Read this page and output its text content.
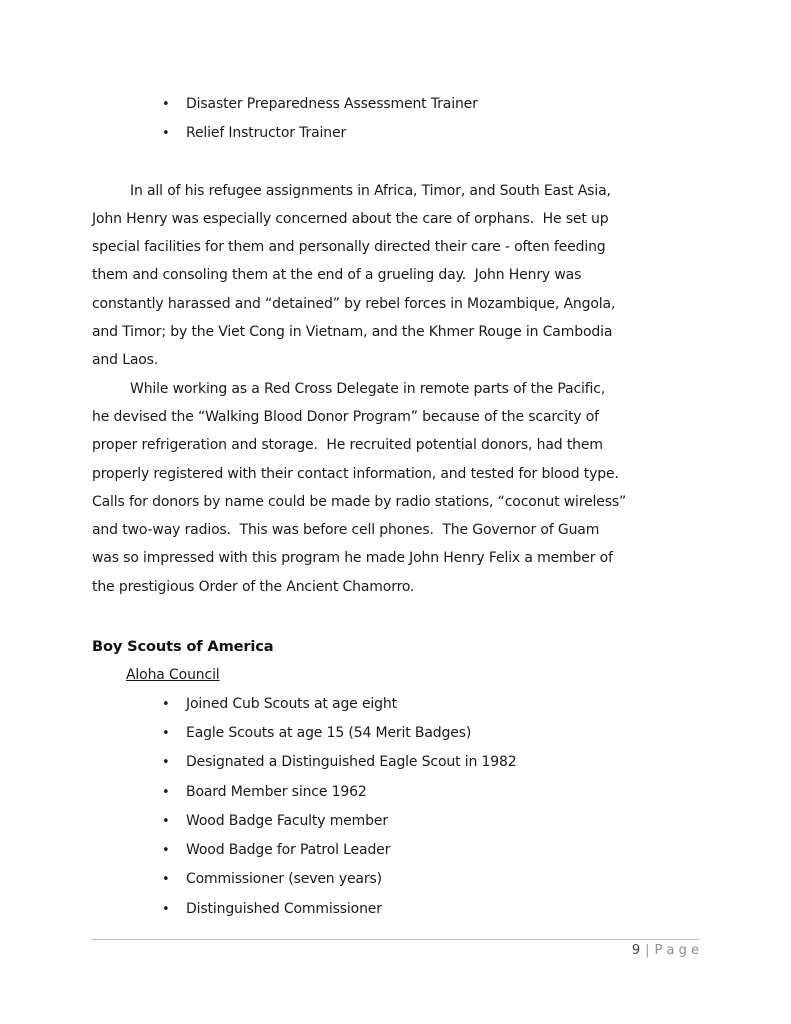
•	Disaster Preparedness Assessment Trainer
•	Relief Instructor Trainer
In all of his refugee assignments in Africa, Timor, and South East Asia,
John Henry was especially concerned about the care of orphans.  He set up
special facilities for them and personally directed their care - often feeding
them and consoling them at the end of a grueling day.  John Henry was
constantly harassed and “detained” by rebel forces in Mozambique, Angola,
and Timor; by the Viet Cong in Vietnam, and the Khmer Rouge in Cambodia
and Laos.
While working as a Red Cross Delegate in remote parts of the Pacific,
he devised the “Walking Blood Donor Program” because of the scarcity of
proper refrigeration and storage.  He recruited potential donors, had them
properly registered with their contact information, and tested for blood type.
Calls for donors by name could be made by radio stations, “coconut wireless”
and two-way radios.  This was before cell phones.  The Governor of Guam
was so impressed with this program he made John Henry Felix a member of
the prestigious Order of the Ancient Chamorro.
Boy Scouts of America
Aloha Council
•	Joined Cub Scouts at age eight
•	Eagle Scouts at age 15 (54 Merit Badges)
•	Designated a Distinguished Eagle Scout in 1982
•	Board Member since 1962
•	Wood Badge Faculty member
•	Wood Badge for Patrol Leader
•	Commissioner (seven years)
•	Distinguished Commissioner
9 | P a g e
